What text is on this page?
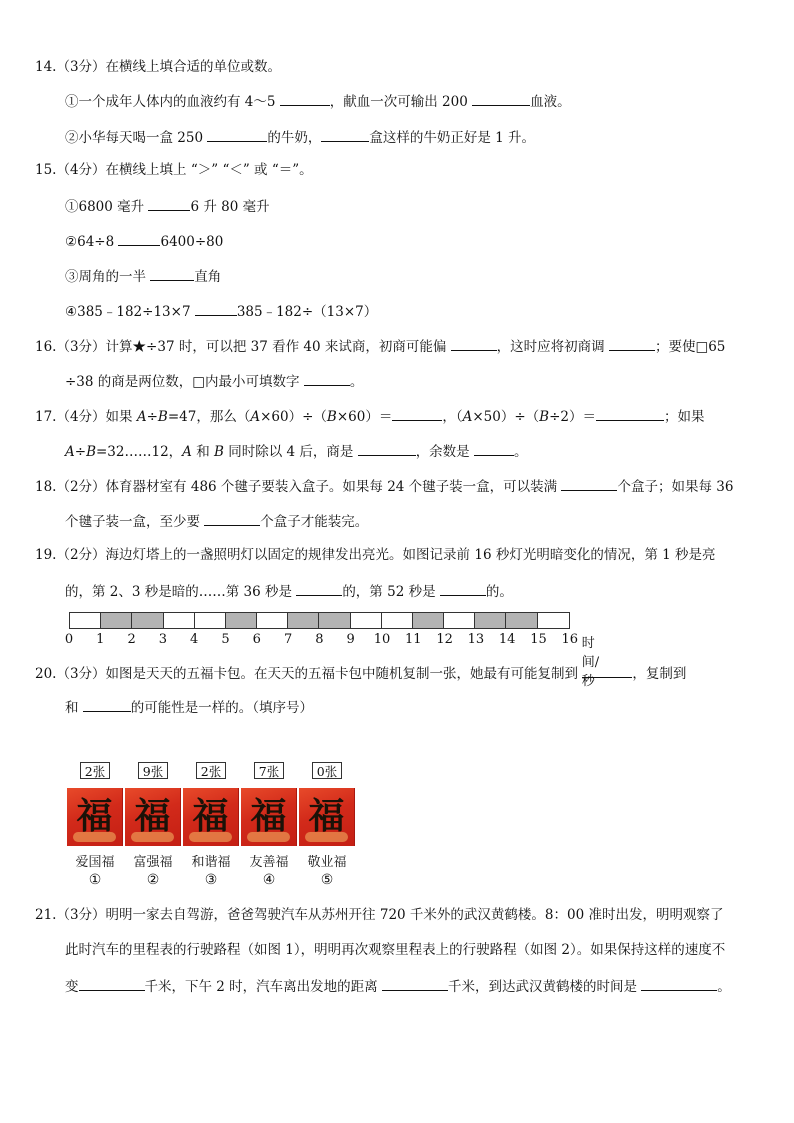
14.（3分）在横线上填合适的单位或数。
①一个成年人体内的血液约有 4～5	，献血一次可输出 200	血液。
②小华每天喝一盒 250	的牛奶，	盒这样的牛奶正好是 1 升。
15.（4分）在横线上填上 “＞” “＜” 或 “＝”。
①6800 毫升	6 升 80 毫升
②64÷8	6400÷80
③周角的一半	直角
④385﹣182÷13×7	385﹣182÷（13×7）
16.（3分）计算★÷37 时，可以把 37 看作 40 来试商，初商可能偏	，这时应将初商调	；要使□65
÷38 的商是两位数，□内最小可填数字	。
17.（4分）如果 A÷B=47，那么（A×60）÷（B×60）＝	，（A×50）÷（B÷2）＝	；如果
A÷B=32……12，A 和 B 同时除以 4 后，商是	，余数是	。
18.（2分）体育器材室有 486 个毽子要装入盒子。如果每 24 个毽子装一盒，可以装满	个盒子；如果每 36
个毽子装一盒，至少要	个盒子才能装完。
19.（2分）海边灯塔上的一盏照明灯以固定的规律发出亮光。如图记录前 16 秒灯光明暗变化的情况，第 1 秒是亮
的，第 2、3 秒是暗的……第 36 秒是	的，第 52 秒是	的。
0 1 2 3 4 5 6 7 8 9 10 11 12 13 14 15 16 时间/秒
20.（3分）如图是天天的五福卡包。在天天的五福卡包中随机复制一张，她最有可能复制到	，复制到
和	的可能性是一样的。（填序号）
2张
福
爱国福
①
9张
福
富强福
②
2张
福
和谐福
③
7张
福
友善福
④
0张
福
敬业福
⑤
21.（3分）明明一家去自驾游，爸爸驾驶汽车从苏州开往 720 千米外的武汉黄鹤楼。8：00 准时出发，明明观察了
此时汽车的里程表的行驶路程（如图 1），明明再次观察里程表上的行驶路程（如图 2）。如果保持这样的速度不
变	千米，下午 2 时，汽车离出发地的距离	千米，到达武汉黄鹤楼的时间是	。
